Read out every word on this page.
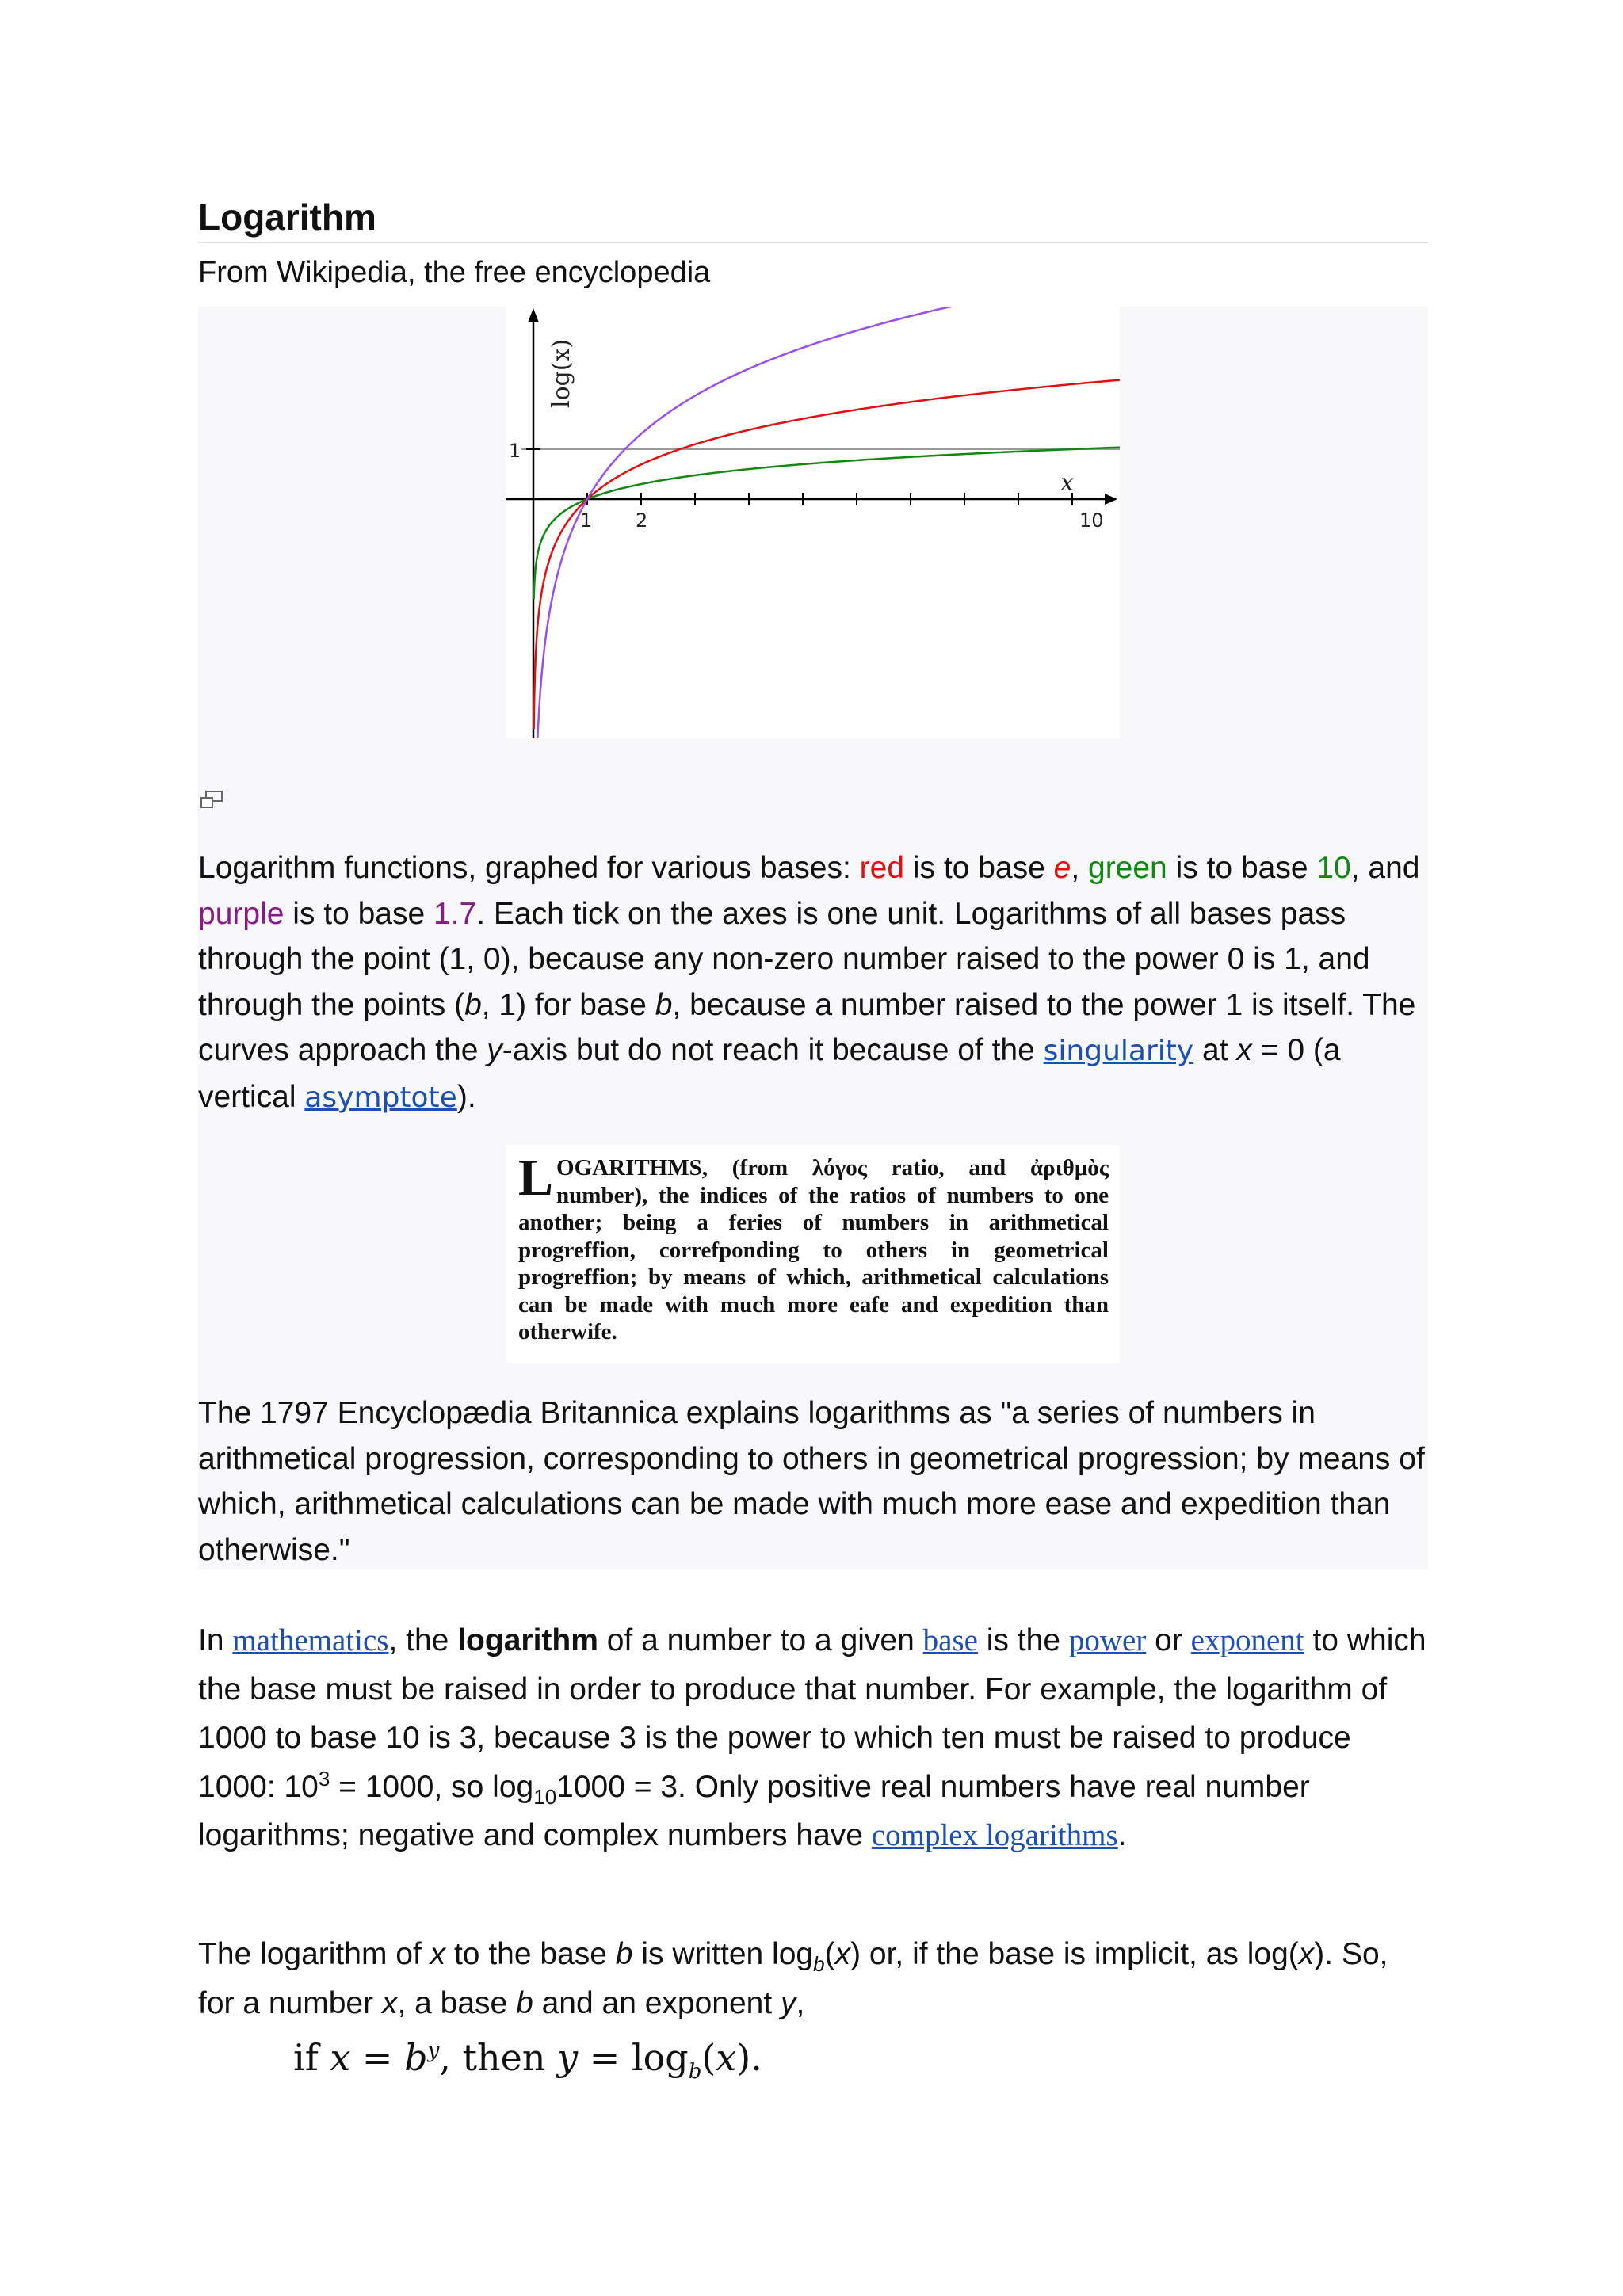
Logarithm
From Wikipedia, the free encyclopedia
log(x)
x
1
1 2	10
Logarithm functions, graphed for various bases: red is to base e, green is to base 10, and purple is to base 1.7. Each tick on the axes is one unit. Logarithms of all bases pass through the point (1, 0), because any non-zero number raised to the power 0 is 1, and through the points (b, 1) for base b, because a number raised to the power 1 is itself. The curves approach the y-axis but do not reach it because of the singularity at x = 0 (a vertical asymptote).
LOGARITHMS, (from λόγος ratio, and ἀριθμὸς number), the indices of the ratios of numbers to one another; being a feries of numbers in arithmetical progreffion, correfponding to others in geometrical progreffion; by means of which, arithmetical calculations can be made with much more eafe and expedition than otherwife.
The 1797 Encyclopædia Britannica explains logarithms as "a series of numbers in arithmetical progression, corresponding to others in geometrical progression; by means of which, arithmetical calculations can be made with much more ease and expedition than otherwise."
In mathematics, the logarithm of a number to a given base is the power or exponent to which the base must be raised in order to produce that number. For example, the logarithm of 1000 to base 10 is 3, because 3 is the power to which ten must be raised to produce 1000: $10^3 = 1000$, so $\log_{10}1000 = 3$. Only positive real numbers have real number logarithms; negative and complex numbers have complex logarithms.
The logarithm of x to the base b is written $\log_b(x)$ or, if the base is implicit, as log(x). So, for a number x, a base b and an exponent y,
if $x = b^y$, then $y = \log_b(x)$.
